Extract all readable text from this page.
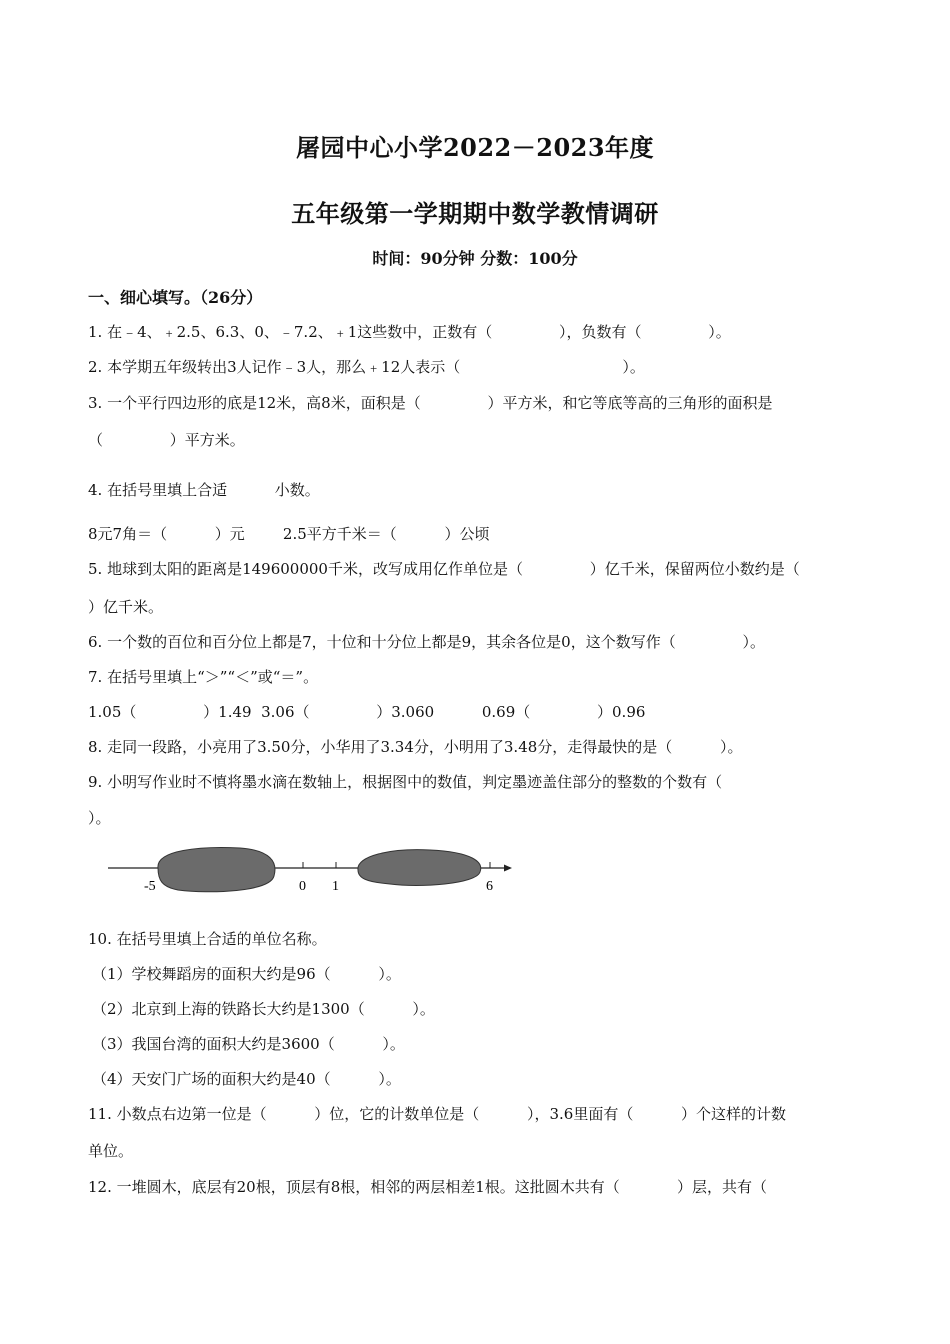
屠园中心小学2022－2023年度
五年级第一学期期中数学教情调研
时间：90分钟 分数：100分
一、细心填写。（26分）
1. 在﹣4、﹢2.5、6.3、0、﹣7.2、﹢1这些数中，正数有（              ），负数有（              ）。
2. 本学期五年级转出3人记作﹣3人，那么﹢12人表示（                                  ）。
3. 一个平行四边形的底是12米，高8米，面积是（              ）平方米，和它等底等高的三角形的面积是
（              ）平方米。
4. 在括号里填上合适          小数。
8元7角＝（          ）元        2.5平方千米＝（          ）公顷
5. 地球到太阳的距离是149600000千米，改写成用亿作单位是（              ）亿千米，保留两位小数约是（
）亿千米。
6. 一个数的百位和百分位上都是7，十位和十分位上都是9，其余各位是0，这个数写作（              ）。
7. 在括号里填上“＞”“＜”或“＝”。
1.05（              ）1.49  3.06（              ）3.060          0.69（              ）0.96
8. 走同一段路，小亮用了3.50分，小华用了3.34分，小明用了3.48分，走得最快的是（          ）。
9. 小明写作业时不慎将墨水滴在数轴上，根据图中的数值，判定墨迹盖住部分的整数的个数有（
）。
-5	0 1	6
10. 在括号里填上合适的单位名称。
（1）学校舞蹈房的面积大约是96（          ）。
（2）北京到上海的铁路长大约是1300（          ）。
（3）我国台湾的面积大约是3600（          ）。
（4）天安门广场的面积大约是40（          ）。
11. 小数点右边第一位是（          ）位，它的计数单位是（          ），3.6里面有（          ）个这样的计数
单位。
12. 一堆圆木，底层有20根，顶层有8根，相邻的两层相差1根。这批圆木共有（            ）层，共有（
